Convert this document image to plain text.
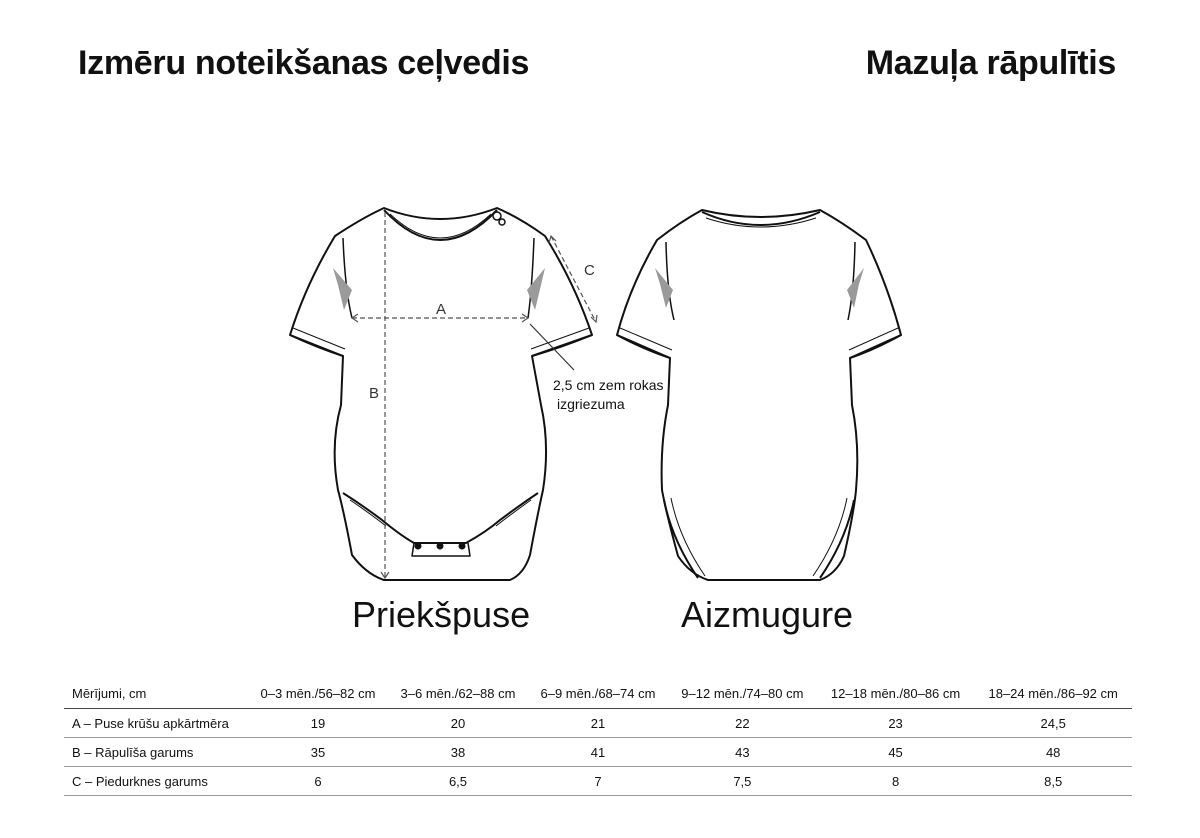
Izmēru noteikšanas ceļvedis	Mazuļa rāpulītis
A
B
C
2,5 cm zem rokas
izgriezuma
Priekšpuse	Aizmugure
Mērījumi, cm	0–3 mēn./56–82 cm	3–6 mēn./62–88 cm	6–9 mēn./68–74 cm	9–12 mēn./74–80 cm	12–18 mēn./80–86 cm	18–24 mēn./86–92 cm
A – Puse krūšu apkārtmēra	19	20	21	22	23	24,5
B – Rāpulīša garums	35	38	41	43	45	48
C – Piedurknes garums	6	6,5	7	7,5	8	8,5
